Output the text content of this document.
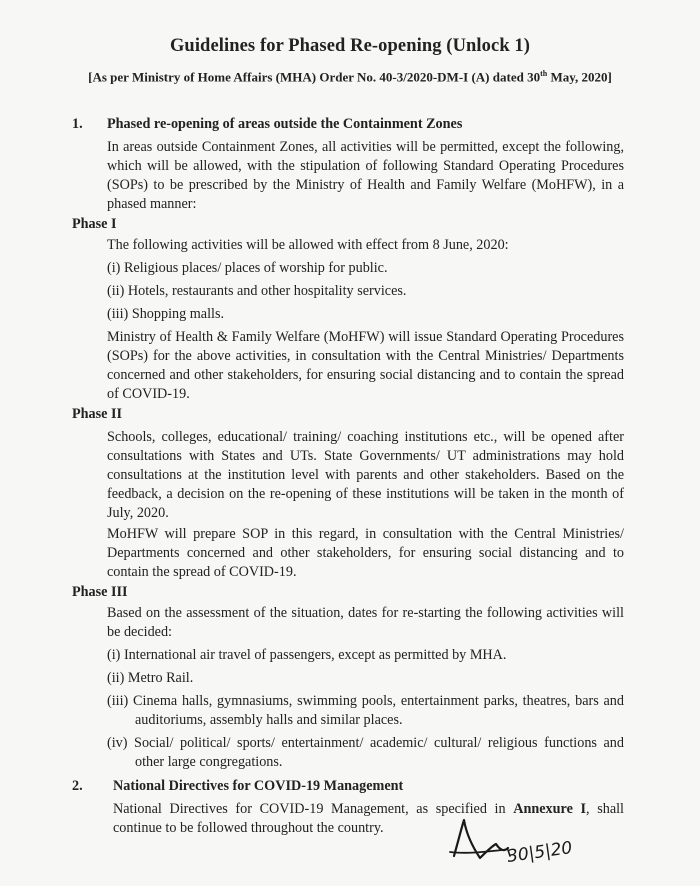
Guidelines for Phased Re-opening (Unlock 1)
[As per Ministry of Home Affairs (MHA) Order No. 40-3/2020-DM-I (A) dated 30th May, 2020]
1. Phased re-opening of areas outside the Containment Zones
In areas outside Containment Zones, all activities will be permitted, except the following,
which will be allowed, with the stipulation of following Standard Operating Procedures
(SOPs) to be prescribed by the Ministry of Health and Family Welfare (MoHFW), in a
phased manner:
Phase I
The following activities will be allowed with effect from 8 June, 2020:
(i) Religious places/ places of worship for public.
(ii) Hotels, restaurants and other hospitality services.
(iii) Shopping malls.
Ministry of Health & Family Welfare (MoHFW) will issue Standard Operating Procedures
(SOPs) for the above activities, in consultation with the Central Ministries/ Departments
concerned and other stakeholders, for ensuring social distancing and to contain the spread
of COVID-19.
Phase II
Schools, colleges, educational/ training/ coaching institutions etc., will be opened after
consultations with States and UTs. State Governments/ UT administrations may hold
consultations at the institution level with parents and other stakeholders. Based on the
feedback, a decision on the re-opening of these institutions will be taken in the month of
July, 2020.
MoHFW will prepare SOP in this regard, in consultation with the Central Ministries/
Departments concerned and other stakeholders, for ensuring social distancing and to
contain the spread of COVID-19.
Phase III
Based on the assessment of the situation, dates for re-starting the following activities will
be decided:
(i) International air travel of passengers, except as permitted by MHA.
(ii) Metro Rail.
(iii) Cinema halls, gymnasiums, swimming pools, entertainment parks, theatres, bars and
auditoriums, assembly halls and similar places.
(iv) Social/ political/ sports/ entertainment/ academic/ cultural/ religious functions and
other large congregations.
2. National Directives for COVID-19 Management
National Directives for COVID-19 Management, as specified in Annexure I, shall
continue to be followed throughout the country.
30|5|20
